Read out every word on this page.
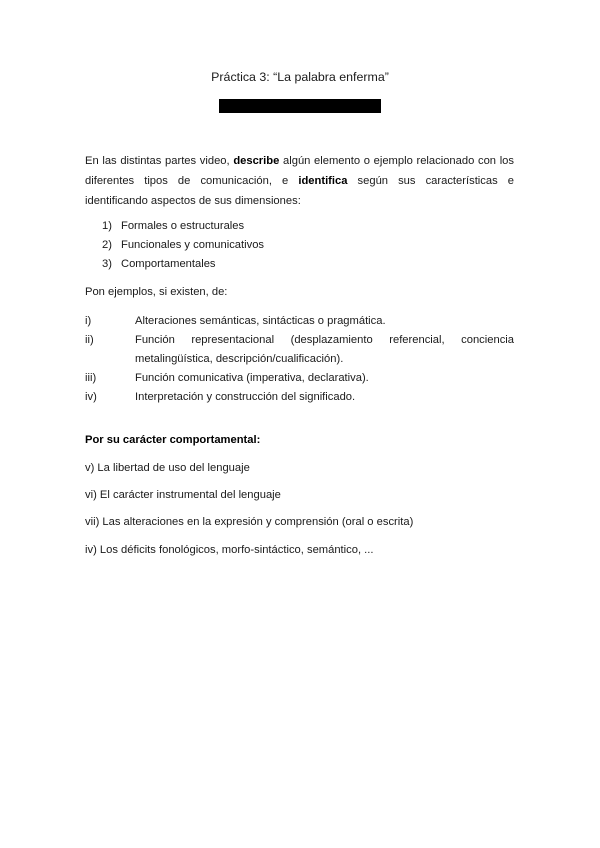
Práctica 3: “La palabra enferma”
En las distintas partes video, describe algún elemento o ejemplo relacionado con los diferentes tipos de comunicación, e identifica según sus características e identificando aspectos de sus dimensiones:
1) Formales o estructurales
2) Funcionales y comunicativos
3) Comportamentales
Pon ejemplos, si existen, de:
i)	Alteraciones semánticas, sintácticas o pragmática.
ii)	Función representacional (desplazamiento referencial, conciencia
metalingüística, descripción/cualificación).
iii)	Función comunicativa (imperativa, declarativa).
iv)	Interpretación y construcción del significado.
Por su carácter comportamental:
v) La libertad de uso del lenguaje
vi) El carácter instrumental del lenguaje
vii) Las alteraciones en la expresión y comprensión (oral o escrita)
iv) Los déficits fonológicos, morfo-sintáctico, semántico, ...
